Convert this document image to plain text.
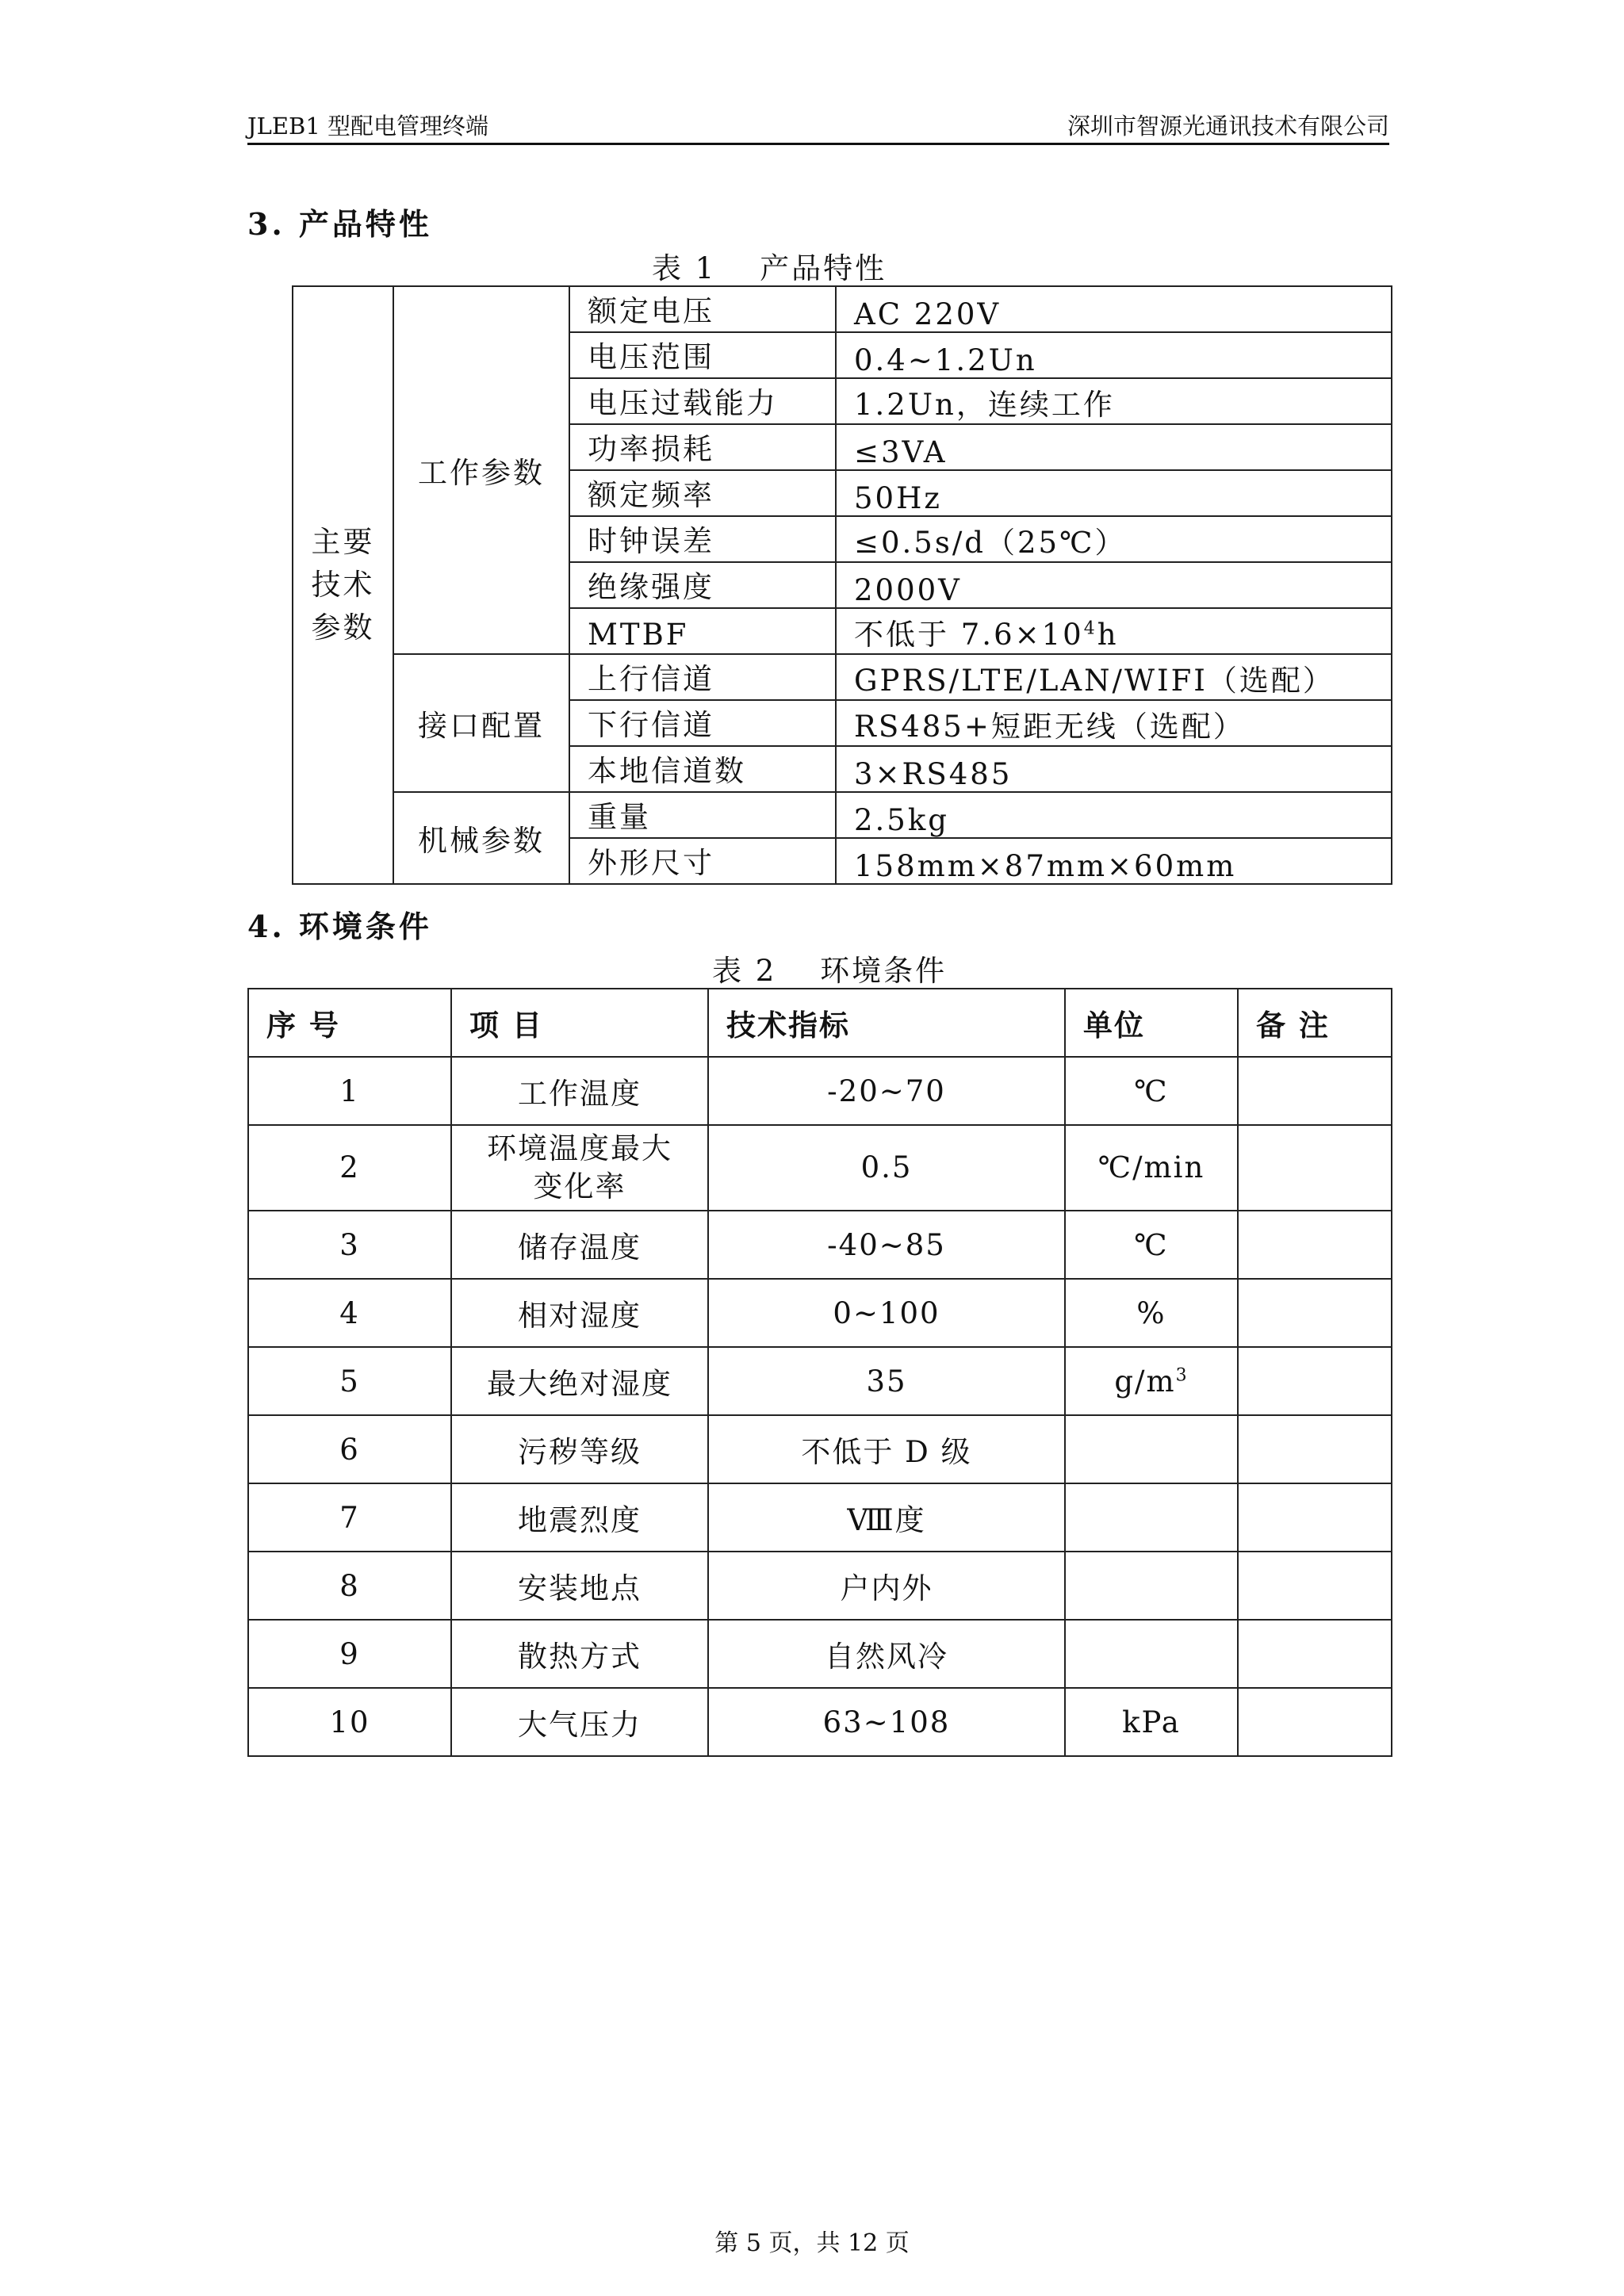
JLEB1 型配电管理终端	深圳市智源光通讯技术有限公司
3. 产品特性
表 1 　产品特性
主要
技术
参数	工作参数	额定电压	AC 220V
		电压范围	0.4~1.2Un
		电压过载能力	1.2Un，连续工作
		功率损耗	≤3VA
		额定频率	50Hz
		时钟误差	≤0.5s/d（25℃）
		绝缘强度	2000V
		MTBF	不低于 $7.6\times 10^4h$
	接口配置	上行信道	GPRS/LTE/LAN/WIFI（选配）
		下行信道	RS485+短距无线（选配）
		本地信道数	3×RS485
	机械参数	重量	2.5kg
		外形尺寸	158mm×87mm×60mm
4. 环境条件
表 2 　环境条件
序 号	项 目	技术指标	单位	备 注
1	工作温度	-20~70	℃	
2	环境温度最大
变化率	0.5	℃/min	
3	储存温度	-40~85	℃	
4	相对湿度	0~100	%	
5	最大绝对湿度	35	$g/m^3$	
6	污秽等级	不低于 D 级		
7	地震烈度	Ⅷ度		
8	安装地点	户内外		
9	散热方式	自然风冷		
10	大气压力	63~108	kPa	
第 5 页，共 12 页
